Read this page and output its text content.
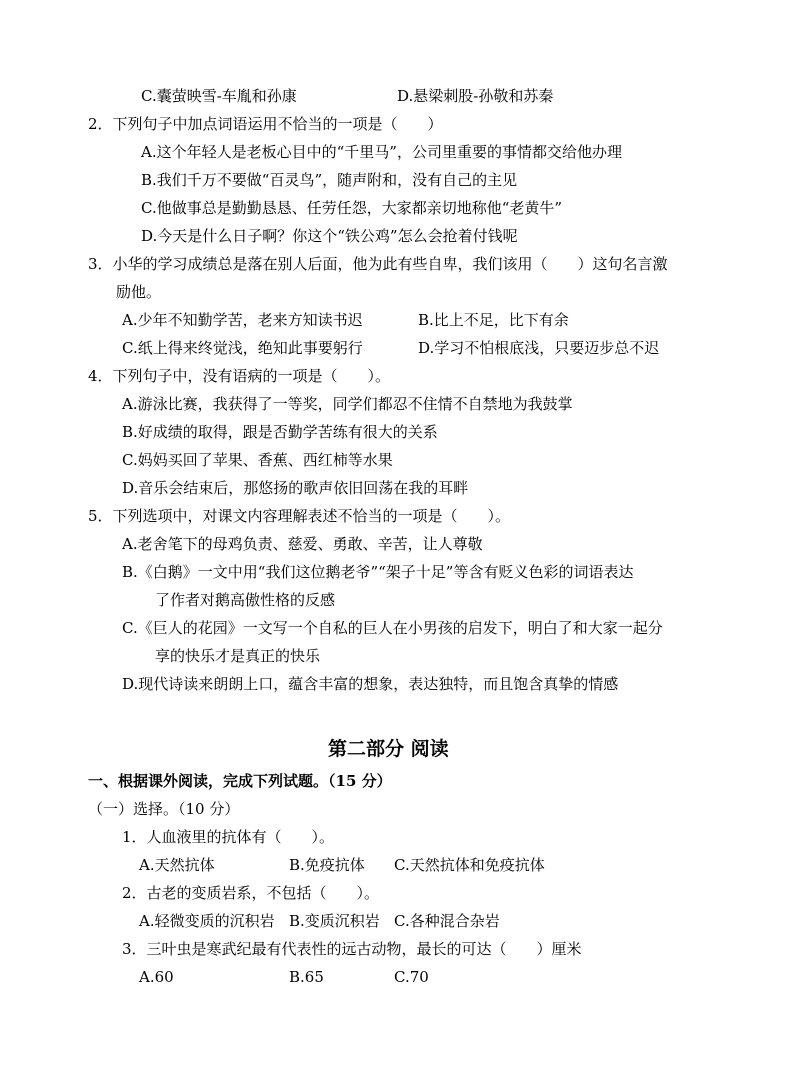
C.囊萤映雪-车胤和孙康	D.悬梁刺股-孙敬和苏秦
2．下列句子中加点词语运用不恰当的一项是（　　）
A.这个年轻人是老板心目中的“千里马”，公司里重要的事情都交给他办理
B.我们千万不要做“百灵鸟”，随声附和，没有自己的主见
C.他做事总是勤勤恳恳、任劳任怨，大家都亲切地称他“老黄牛”
D.今天是什么日子啊？你这个“铁公鸡”怎么会抢着付钱呢
3．小华的学习成绩总是落在别人后面，他为此有些自卑，我们该用（　　）这句名言激
励他。
A.少年不知勤学苦，老来方知读书迟	B.比上不足，比下有余
C.纸上得来终觉浅，绝知此事要躬行	D.学习不怕根底浅，只要迈步总不迟
4．下列句子中，没有语病的一项是（　　）。
A.游泳比赛，我获得了一等奖，同学们都忍不住情不自禁地为我鼓掌
B.好成绩的取得，跟是否勤学苦练有很大的关系
C.妈妈买回了苹果、香蕉、西红柿等水果
D.音乐会结束后，那悠扬的歌声依旧回荡在我的耳畔
5．下列选项中，对课文内容理解表述不恰当的一项是（　　）。
A.老舍笔下的母鸡负责、慈爱、勇敢、辛苦，让人尊敬
B.《白鹅》一文中用“我们这位鹅老爷”“架子十足”等含有贬义色彩的词语表达
了作者对鹅高傲性格的反感
C.《巨人的花园》一文写一个自私的巨人在小男孩的启发下，明白了和大家一起分
享的快乐才是真正的快乐
D.现代诗读来朗朗上口，蕴含丰富的想象，表达独特，而且饱含真挚的情感
第二部分 阅读
一、根据课外阅读，完成下列试题。（15 分）
（一）选择。（10 分）
1．人血液里的抗体有（　　）。
A.天然抗体	B.免疫抗体 C.天然抗体和免疫抗体
2．古老的变质岩系，不包括（　　）。
A.轻微变质的沉积岩 B.变质沉积岩 C.各种混合杂岩
3．三叶虫是寒武纪最有代表性的远古动物，最长的可达（　　）厘米
A.60	B.65	C.70
